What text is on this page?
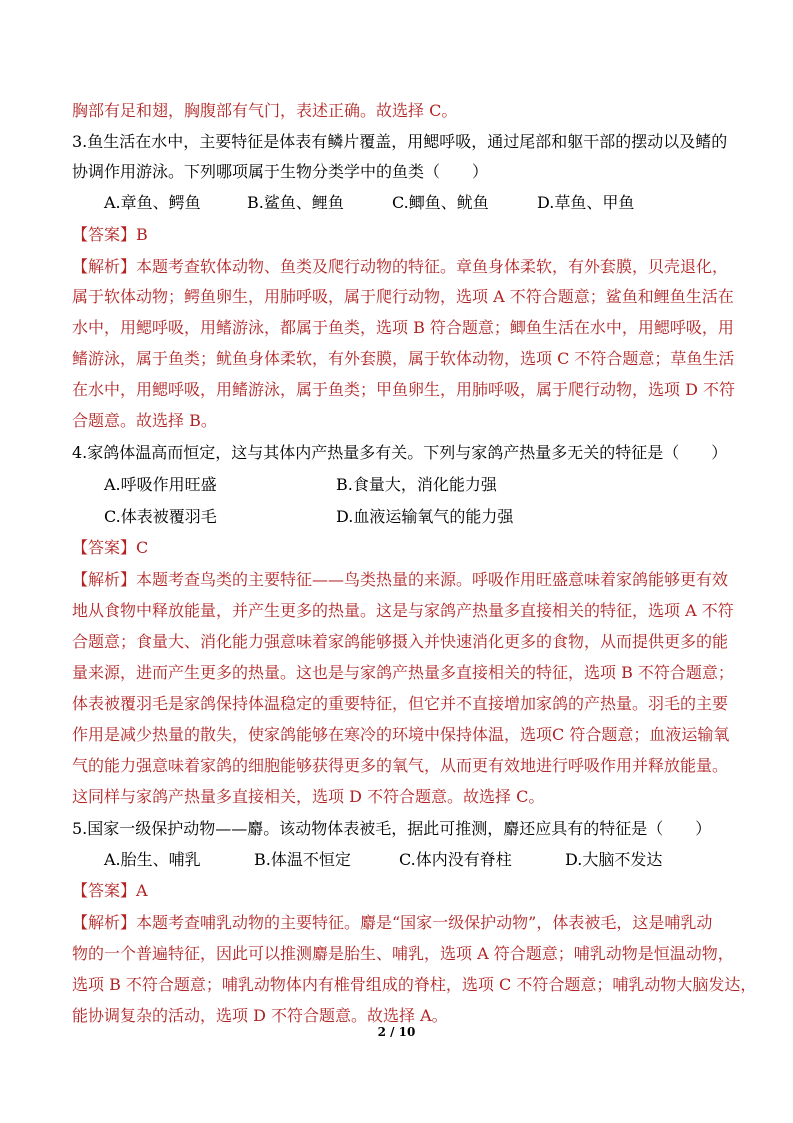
胸部有足和翅，胸腹部有气门，表述正确。故选择 C。
3.鱼生活在水中，主要特征是体表有鳞片覆盖，用鳃呼吸，通过尾部和躯干部的摆动以及鳍的
协调作用游泳。下列哪项属于生物分类学中的鱼类（　　）
A.章鱼、鳄鱼	B.鲨鱼、鲤鱼	C.鲫鱼、鱿鱼	D.草鱼、甲鱼
【答案】B
【解析】本题考查软体动物、鱼类及爬行动物的特征。章鱼身体柔软，有外套膜，贝壳退化，
属于软体动物；鳄鱼卵生，用肺呼吸，属于爬行动物，选项 A 不符合题意；鲨鱼和鲤鱼生活在
水中，用鳃呼吸，用鳍游泳，都属于鱼类，选项 B 符合题意；鲫鱼生活在水中，用鳃呼吸，用
鳍游泳，属于鱼类；鱿鱼身体柔软，有外套膜，属于软体动物，选项 C 不符合题意；草鱼生活
在水中，用鳃呼吸，用鳍游泳，属于鱼类；甲鱼卵生，用肺呼吸，属于爬行动物，选项 D 不符
合题意。故选择 B。
4.家鸽体温高而恒定，这与其体内产热量多有关。下列与家鸽产热量多无关的特征是（　　）
A.呼吸作用旺盛	B.食量大，消化能力强
C.体表被覆羽毛	D.血液运输氧气的能力强
【答案】C
【解析】本题考查鸟类的主要特征——鸟类热量的来源。呼吸作用旺盛意味着家鸽能够更有效
地从食物中释放能量，并产生更多的热量。这是与家鸽产热量多直接相关的特征，选项 A 不符
合题意；食量大、消化能力强意味着家鸽能够摄入并快速消化更多的食物，从而提供更多的能
量来源，进而产生更多的热量。这也是与家鸽产热量多直接相关的特征，选项 B 不符合题意；
体表被覆羽毛是家鸽保持体温稳定的重要特征，但它并不直接增加家鸽的产热量。羽毛的主要
作用是减少热量的散失，使家鸽能够在寒冷的环境中保持体温，选项C 符合题意；血液运输氧
气的能力强意味着家鸽的细胞能够获得更多的氧气，从而更有效地进行呼吸作用并释放能量。
这同样与家鸽产热量多直接相关，选项 D 不符合题意。故选择 C。
5.国家一级保护动物——麝。该动物体表被毛，据此可推测，麝还应具有的特征是（　　）
A.胎生、哺乳	B.体温不恒定	C.体内没有脊柱	D.大脑不发达
【答案】A
【解析】本题考查哺乳动物的主要特征。麝是“国家一级保护动物”，体表被毛，这是哺乳动
物的一个普遍特征，因此可以推测麝是胎生、哺乳，选项 A 符合题意；哺乳动物是恒温动物，
选项 B 不符合题意；哺乳动物体内有椎骨组成的脊柱，选项 C 不符合题意；哺乳动物大脑发达，
能协调复杂的活动，选项 D 不符合题意。故选择 A。
2 / 10
